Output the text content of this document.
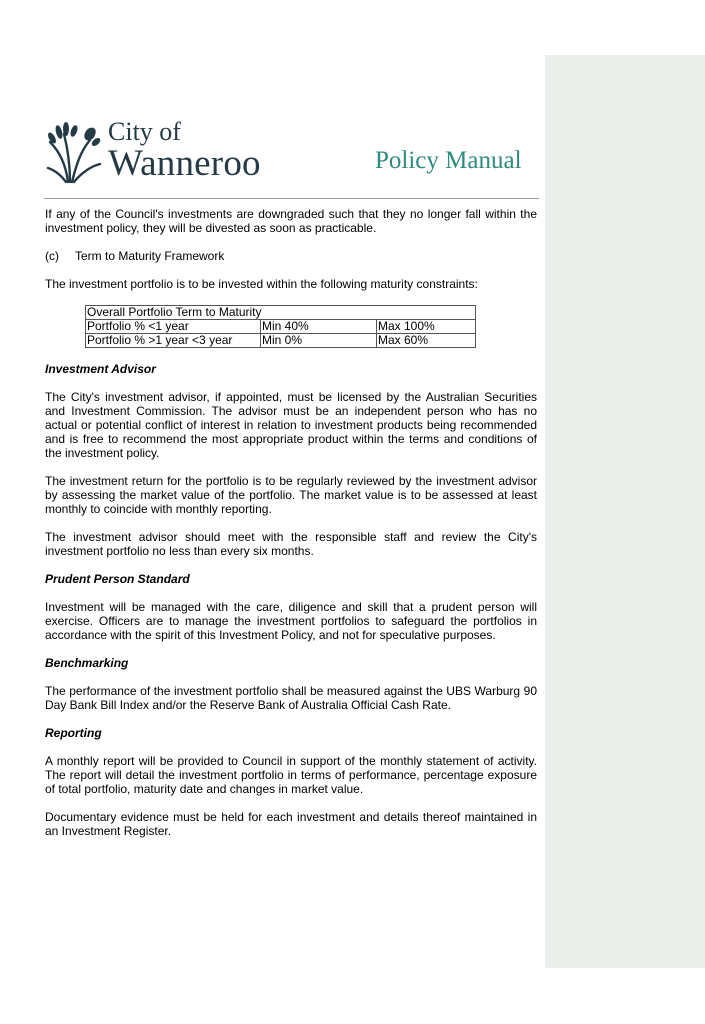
City of
Wanneroo	Policy Manual

If any of the Council's investments are downgraded such that they no longer fall within the investment policy, they will be divested as soon as practicable.

(c)	Term to Maturity Framework

The investment portfolio is to be invested within the following maturity constraints:

Overall Portfolio Term to Maturity		
Portfolio % <1 year	Min 40%	Max 100%
Portfolio % >1 year <3 year	Min 0%	Max 60%
Investment Advisor

The City's investment advisor, if appointed, must be licensed by the Australian Securities and Investment Commission. The advisor must be an independent person who has no actual or potential conflict of interest in relation to investment products being recommended and is free to recommend the most appropriate product within the terms and conditions of the investment policy.

The investment return for the portfolio is to be regularly reviewed by the investment advisor by assessing the market value of the portfolio. The market value is to be assessed at least monthly to coincide with monthly reporting.

The investment advisor should meet with the responsible staff and review the City's investment portfolio no less than every six months.

Prudent Person Standard

Investment will be managed with the care, diligence and skill that a prudent person will exercise. Officers are to manage the investment portfolios to safeguard the portfolios in accordance with the spirit of this Investment Policy, and not for speculative purposes.

Benchmarking

The performance of the investment portfolio shall be measured against the UBS Warburg 90 Day Bank Bill Index and/or the Reserve Bank of Australia Official Cash Rate.

Reporting

A monthly report will be provided to Council in support of the monthly statement of activity. The report will detail the investment portfolio in terms of performance, percentage exposure of total portfolio, maturity date and changes in market value.

Documentary evidence must be held for each investment and details thereof maintained in an Investment Register.
